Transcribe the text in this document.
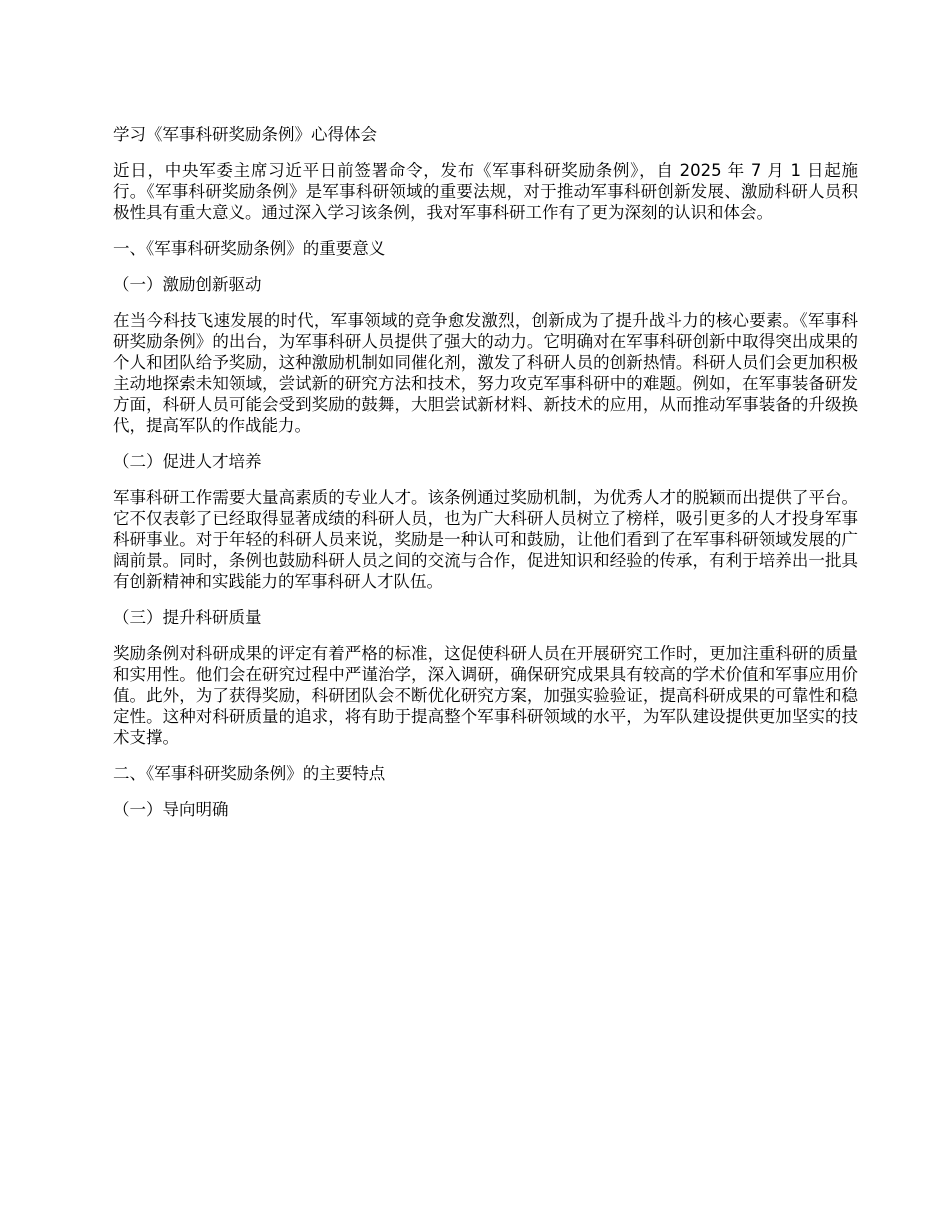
学习《军事科研奖励条例》心得体会

近日，中央军委主席习近平日前签署命令，发布《军事科研奖励条例》，自 2025 年 7 月 1 日起施行。《军事科研奖励条例》是军事科研领域的重要法规，对于推动军事科研创新发展、激励科研人员积极性具有重大意义。通过深入学习该条例，我对军事科研工作有了更为深刻的认识和体会。

一、《军事科研奖励条例》的重要意义

（一）激励创新驱动

在当今科技飞速发展的时代，军事领域的竞争愈发激烈，创新成为了提升战斗力的核心要素。《军事科研奖励条例》的出台，为军事科研人员提供了强大的动力。它明确对在军事科研创新中取得突出成果的个人和团队给予奖励，这种激励机制如同催化剂，激发了科研人员的创新热情。科研人员们会更加积极主动地探索未知领域，尝试新的研究方法和技术，努力攻克军事科研中的难题。例如，在军事装备研发方面，科研人员可能会受到奖励的鼓舞，大胆尝试新材料、新技术的应用，从而推动军事装备的升级换代，提高军队的作战能力。

（二）促进人才培养

军事科研工作需要大量高素质的专业人才。该条例通过奖励机制，为优秀人才的脱颖而出提供了平台。它不仅表彰了已经取得显著成绩的科研人员，也为广大科研人员树立了榜样，吸引更多的人才投身军事科研事业。对于年轻的科研人员来说，奖励是一种认可和鼓励，让他们看到了在军事科研领域发展的广阔前景。同时，条例也鼓励科研人员之间的交流与合作，促进知识和经验的传承，有利于培养出一批具有创新精神和实践能力的军事科研人才队伍。

（三）提升科研质量

奖励条例对科研成果的评定有着严格的标准，这促使科研人员在开展研究工作时，更加注重科研的质量和实用性。他们会在研究过程中严谨治学，深入调研，确保研究成果具有较高的学术价值和军事应用价值。此外，为了获得奖励，科研团队会不断优化研究方案，加强实验验证，提高科研成果的可靠性和稳定性。这种对科研质量的追求，将有助于提高整个军事科研领域的水平，为军队建设提供更加坚实的技术支撑。

二、《军事科研奖励条例》的主要特点

（一）导向明确
